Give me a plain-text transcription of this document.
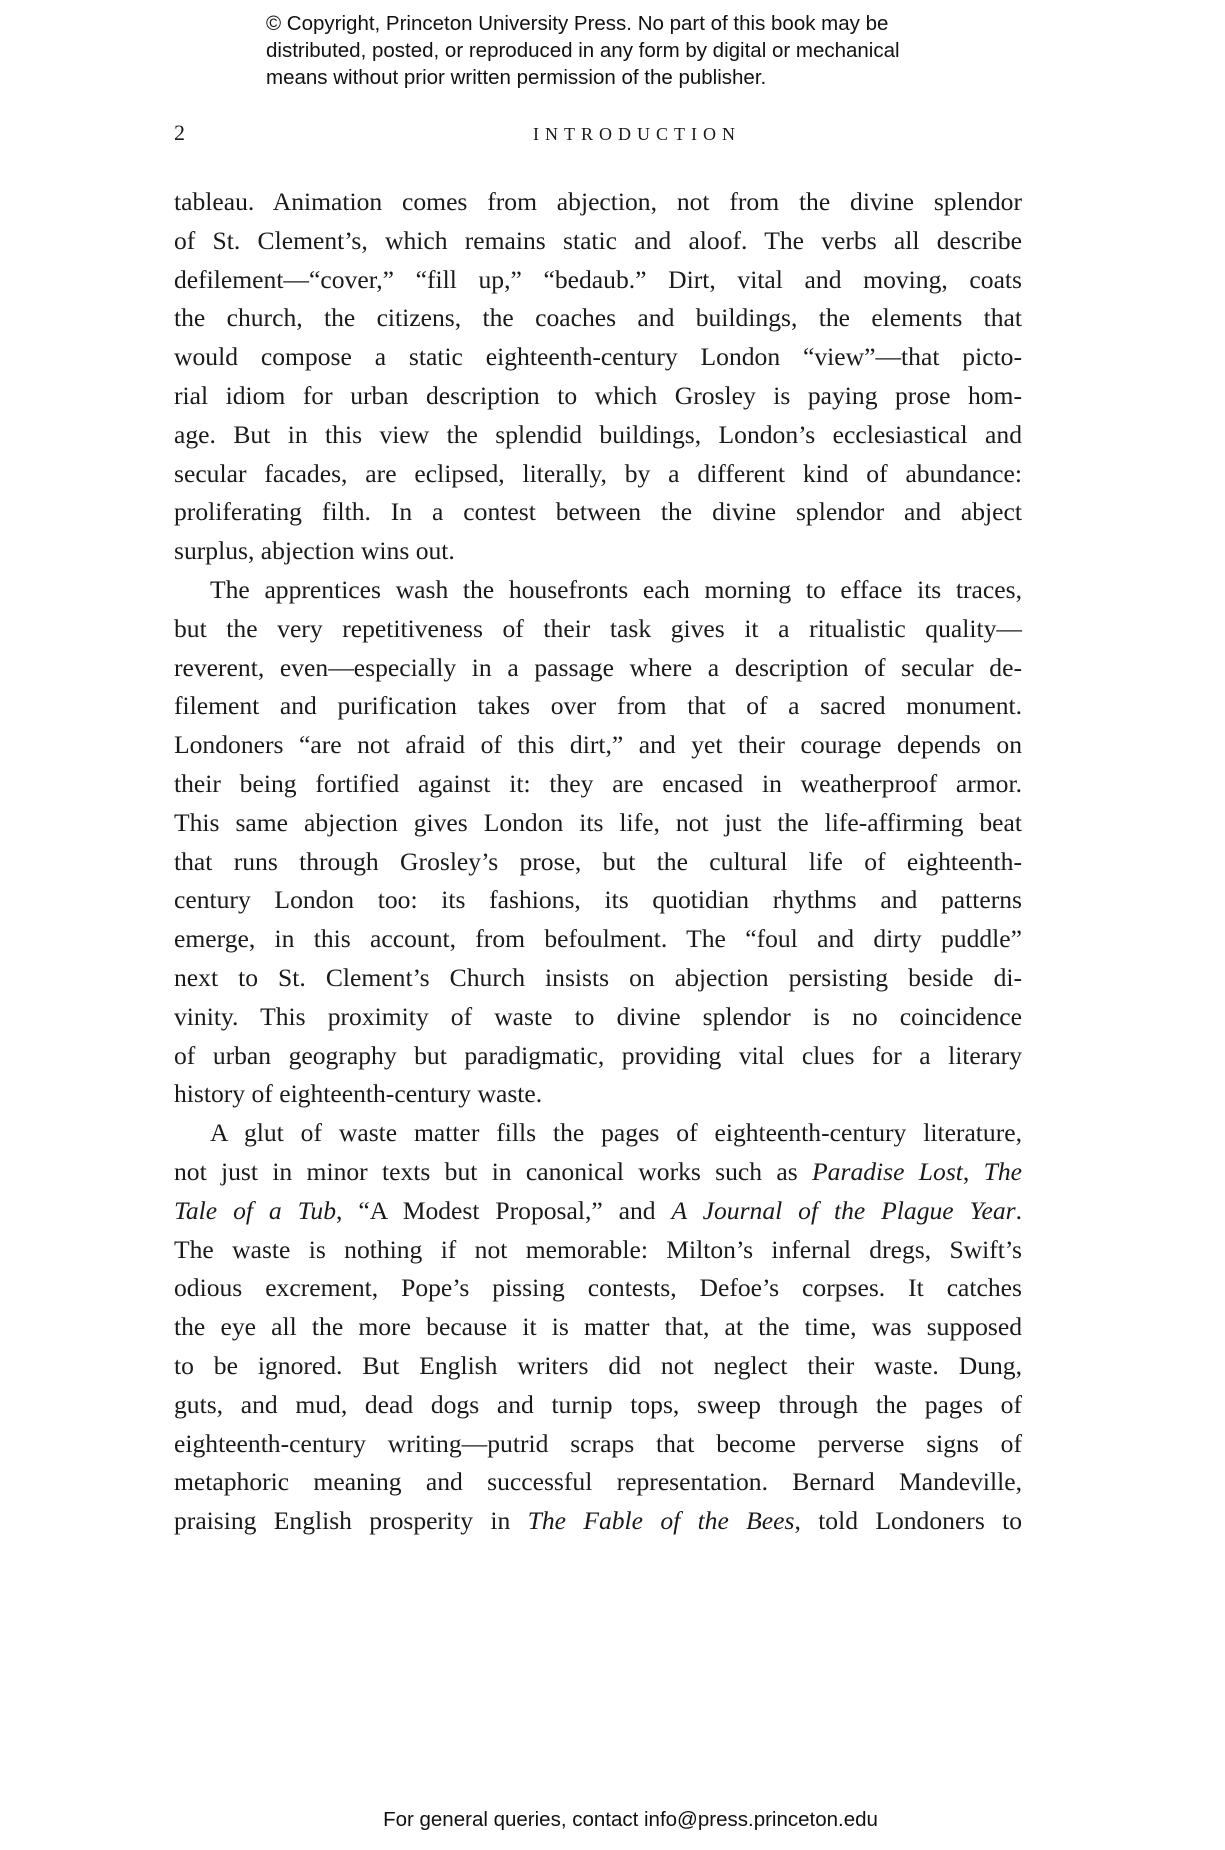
© Copyright, Princeton University Press. No part of this book may be
distributed, posted, or reproduced in any form by digital or mechanical
means without prior written permission of the publisher.
2	INTRODUCTION
tableau. Animation comes from abjection, not from the divine splendor
of St. Clement’s, which remains static and aloof. The verbs all describe
defilement—“cover,” “fill up,” “bedaub.” Dirt, vital and moving, coats
the church, the citizens, the coaches and buildings, the elements that
would compose a static eighteenth-century London “view”—that picto-
rial idiom for urban description to which Grosley is paying prose hom-
age. But in this view the splendid buildings, London’s ecclesiastical and
secular facades, are eclipsed, literally, by a different kind of abundance:
proliferating filth. In a contest between the divine splendor and abject
surplus, abjection wins out.
The apprentices wash the housefronts each morning to efface its traces,
but the very repetitiveness of their task gives it a ritualistic quality—
reverent, even—especially in a passage where a description of secular de-
filement and purification takes over from that of a sacred monument.
Londoners “are not afraid of this dirt,” and yet their courage depends on
their being fortified against it: they are encased in weatherproof armor.
This same abjection gives London its life, not just the life-affirming beat
that runs through Grosley’s prose, but the cultural life of eighteenth-
century London too: its fashions, its quotidian rhythms and patterns
emerge, in this account, from befoulment. The “foul and dirty puddle”
next to St. Clement’s Church insists on abjection persisting beside di-
vinity. This proximity of waste to divine splendor is no coincidence
of urban geography but paradigmatic, providing vital clues for a literary
history of eighteenth-century waste.
A glut of waste matter fills the pages of eighteenth-century literature,
not just in minor texts but in canonical works such as Paradise Lost, The
Tale of a Tub, “A Modest Proposal,” and A Journal of the Plague Year.
The waste is nothing if not memorable: Milton’s infernal dregs, Swift’s
odious excrement, Pope’s pissing contests, Defoe’s corpses. It catches
the eye all the more because it is matter that, at the time, was supposed
to be ignored. But English writers did not neglect their waste. Dung,
guts, and mud, dead dogs and turnip tops, sweep through the pages of
eighteenth-century writing—putrid scraps that become perverse signs of
metaphoric meaning and successful representation. Bernard Mandeville,
praising English prosperity in The Fable of the Bees, told Londoners to
For general queries, contact info@press.princeton.edu
